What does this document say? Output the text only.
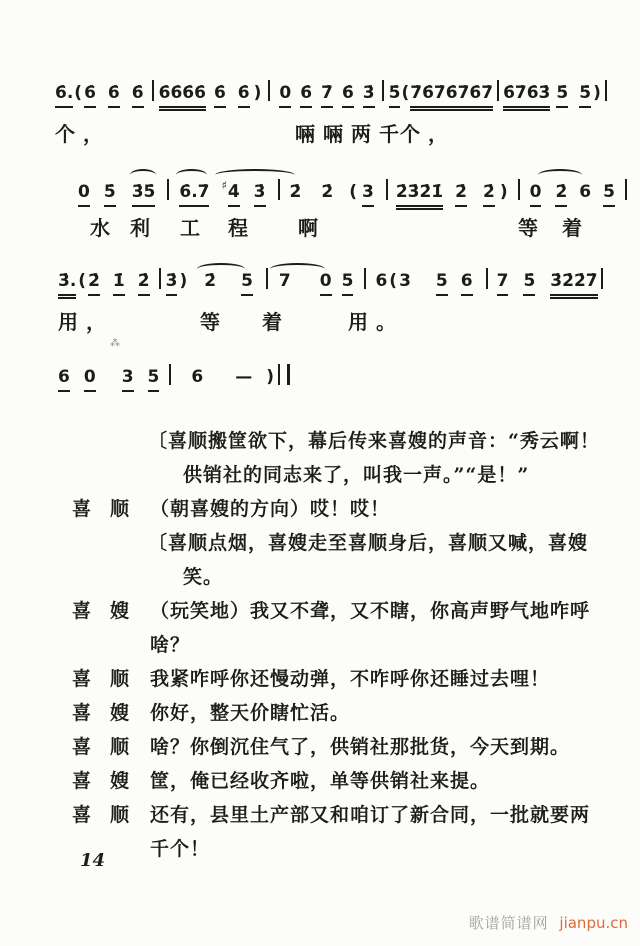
6̇.( 6̇ 6̇ 6̇ 6̇6̇6̇6̇ 6̇ 6̇ ) 0 6̇ 7̇ 6̇ 3̇ 5̇(7̇6̇7̇6̇7̇6̇7̇ 6̇7̇6̇3̇ 5̇ 5̇ )
个，	啢啢两千
个，
0 5̇ 3̇5̇ 6̇.7̇ ♯4̇ 3̇ 2̇ 2̇ ( 3 2̇3̇2̇1̇ 2̇ 2̇ ) 0 2̇ 6 5̇
水 利 工 程 啊	等 着
3̇. ( 2̇ 1̇ 2̇ 3̇ ) 2̇ 5 7 0 5 6 ( 3 5 6 7 5̇ 3̇2̇2̇7̇
用，	等 着	用。
6 0 3 5 6 — )
⁂
〔喜顺搬筐欲下，幕后传来喜嫂的声音：“秀云啊！
供销社的同志来了，叫我一声。”“是！”
喜 顺 （朝喜嫂的方向）哎！哎！
〔喜顺点烟，喜嫂走至喜顺身后，喜顺又喊，喜嫂
笑。
喜 嫂 （玩笑地）我又不聋，又不瞎，你高声野气地咋呼
啥？
喜 顺 我紧咋呼你还慢动弹，不咋呼你还睡过去哩！
喜 嫂 你好，整天价瞎忙活。
喜 顺 啥？你倒沉住气了，供销社那批货，今天到期。
喜 嫂 筐，俺已经收齐啦，单等供销社来提。
喜 顺 还有，县里土产部又和咱订了新合同，一批就要两
千个！
14
歌谱简谱网 jianpu.cn
